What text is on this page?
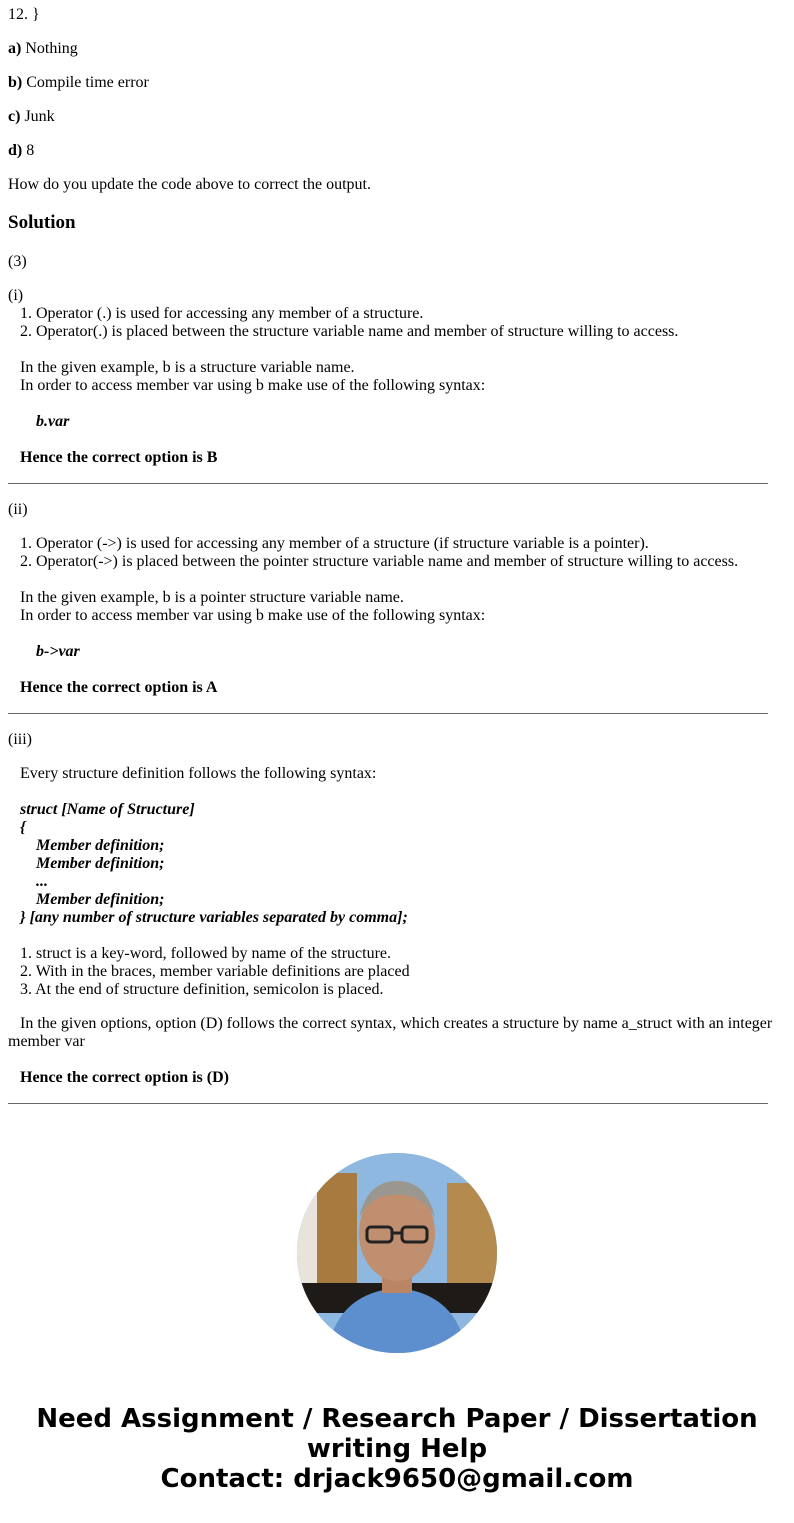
12. }
a) Nothing
b) Compile time error
c) Junk
d) 8
How do you update the code above to correct the output.
Solution
(3)
(i)
1. Operator (.) is used for accessing any member of a structure.
2. Operator(.) is placed between the structure variable name and member of structure willing to access.
In the given example, b is a structure variable name.
In order to access member var using b make use of the following syntax:
b.var
Hence the correct option is B
(ii)
1. Operator (->) is used for accessing any member of a structure (if structure variable is a pointer).
2. Operator(->) is placed between the pointer structure variable name and member of structure willing to access.
In the given example, b is a pointer structure variable name.
In order to access member var using b make use of the following syntax:
b->var
Hence the correct option is A
(iii)
Every structure definition follows the following syntax:
struct [Name of Structure]
{
Member definition;
Member definition;
...
Member definition;
} [any number of structure variables separated by comma];
1. struct is a key-word, followed by name of the structure.
2. With in the braces, member variable definitions are placed
3. At the end of structure definition, semicolon is placed.
In the given options, option (D) follows the correct syntax, which creates a structure by name a_struct with an integer
member var
Hence the correct option is (D)
Need Assignment / Research Paper / Dissertation
writing Help
Contact: drjack9650@gmail.com
